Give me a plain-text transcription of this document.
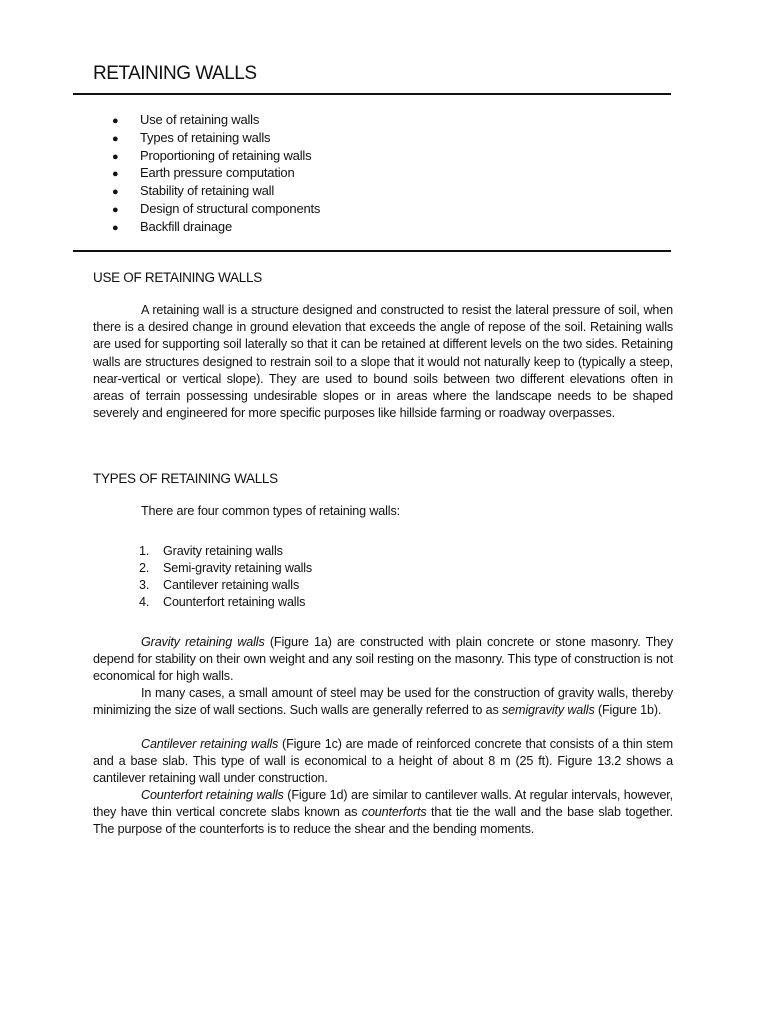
RETAINING WALLS
● Use of retaining walls
● Types of retaining walls
● Proportioning of retaining walls
● Earth pressure computation
● Stability of retaining wall
● Design of structural components
● Backfill drainage
USE OF RETAINING WALLS

A retaining wall is a structure designed and constructed to resist the lateral pressure of soil, when there is a desired change in ground elevation that exceeds the angle of repose of the soil. Retaining walls are used for supporting soil laterally so that it can be retained at different levels on the two sides. Retaining walls are structures designed to restrain soil to a slope that it would not naturally keep to (typically a steep, near-vertical or vertical slope). They are used to bound soils between two different elevations often in areas of terrain possessing undesirable slopes or in areas where the landscape needs to be shaped severely and engineered for more specific purposes like hillside farming or roadway overpasses.

TYPES OF RETAINING WALLS
There are four common types of retaining walls:
1. Gravity retaining walls
2. Semi-gravity retaining walls
3. Cantilever retaining walls
4. Counterfort retaining walls

Gravity retaining walls (Figure 1a) are constructed with plain concrete or stone masonry. They depend for stability on their own weight and any soil resting on the masonry. This type of construction is not economical for high walls.

In many cases, a small amount of steel may be used for the construction of gravity walls, thereby minimizing the size of wall sections. Such walls are generally referred to as semigravity walls (Figure 1b).

Cantilever retaining walls (Figure 1c) are made of reinforced concrete that consists of a thin stem and a base slab. This type of wall is economical to a height of about 8 m (25 ft). Figure 13.2 shows a cantilever retaining wall under construction.

Counterfort retaining walls (Figure 1d) are similar to cantilever walls. At regular intervals, however, they have thin vertical concrete slabs known as counterforts that tie the wall and the base slab together. The purpose of the counterforts is to reduce the shear and the bending moments.
